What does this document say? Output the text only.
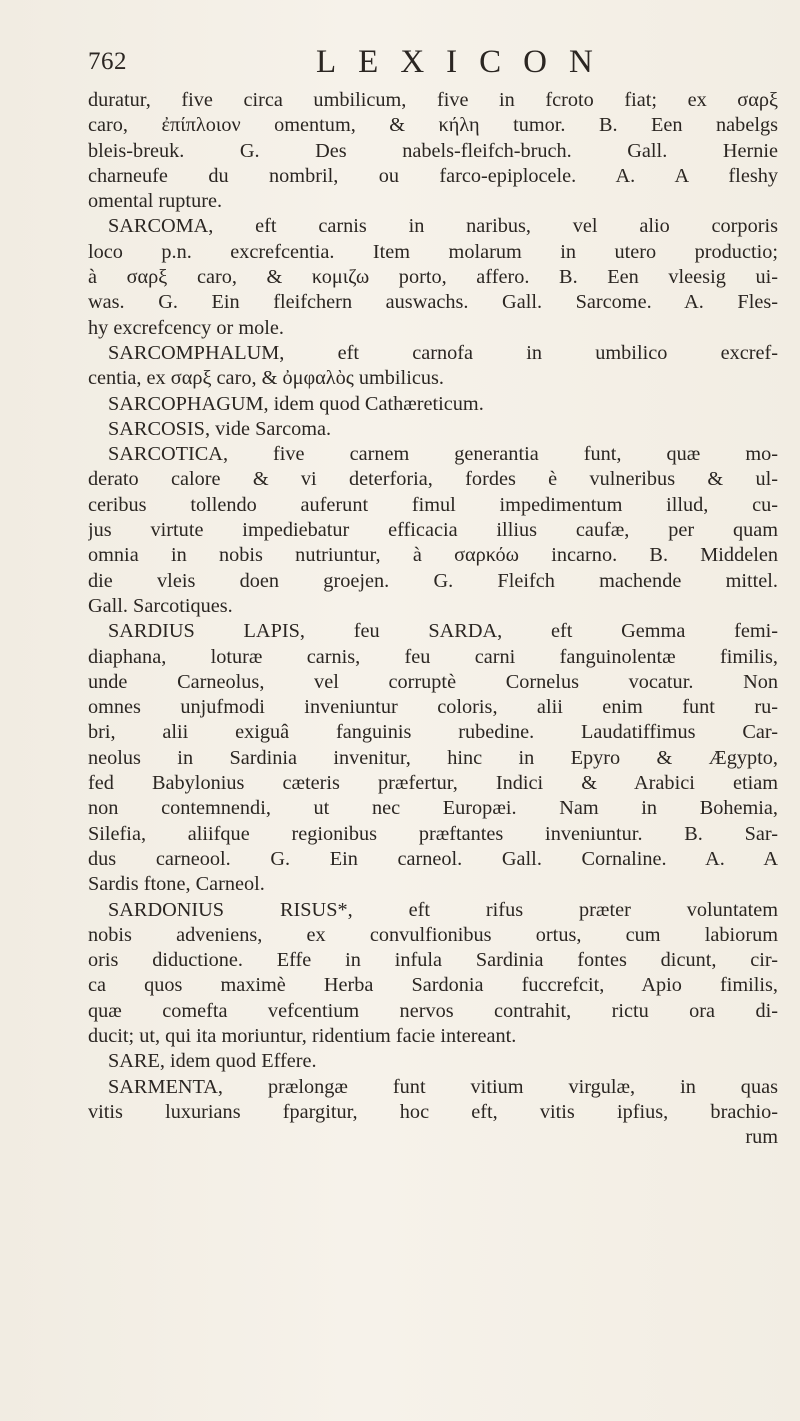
762	LEXICON
duratur, five circa umbilicum, five in fcroto fiat; ex σαρξ
caro, ἐπίπλοιον omentum, & κήλη tumor. B. Een nabelgs
bleis-breuk. G. Des nabels-fleifch-bruch. Gall. Hernie
charneufe du nombril, ou farco-epiplocele. A. A fleshy
omental rupture.
SARCOMA, eft carnis in naribus, vel alio corporis
loco p.n. excrefcentia. Item molarum in utero productio;
à σαρξ caro, & κομιζω porto, affero. B. Een vleesig ui-
was. G. Ein fleifchern auswachs. Gall. Sarcome. A. Fles-
hy excrefcency or mole.
SARCOMPHALUM, eft carnofa in umbilico excref-
centia, ex σαρξ caro, & ὀμφαλὸς umbilicus.
SARCOPHAGUM, idem quod Cathæreticum.
SARCOSIS, vide Sarcoma.
SARCOTICA, five carnem generantia funt, quæ mo-
derato calore & vi deterforia, fordes è vulneribus & ul-
ceribus tollendo auferunt fimul impedimentum illud, cu-
jus virtute impediebatur efficacia illius caufæ, per quam
omnia in nobis nutriuntur, à σαρκόω incarno. B. Middelen
die vleis doen groejen. G. Fleifch machende mittel.
Gall. Sarcotiques.
SARDIUS LAPIS, feu SARDA, eft Gemma femi-
diaphana, loturæ carnis, feu carni fanguinolentæ fimilis,
unde Carneolus, vel corruptè Cornelus vocatur. Non
omnes unjufmodi inveniuntur coloris, alii enim funt ru-
bri, alii exiguâ fanguinis rubedine. Laudatiffimus Car-
neolus in Sardinia invenitur, hinc in Epyro & Ægypto,
fed Babylonius cæteris præfertur, Indici & Arabici etiam
non contemnendi, ut nec Europæi. Nam in Bohemia,
Silefia, aliifque regionibus præftantes inveniuntur. B. Sar-
dus carneool. G. Ein carneol. Gall. Cornaline. A. A
Sardis ftone, Carneol.
SARDONIUS RISUS*, eft rifus præter voluntatem
nobis adveniens, ex convulfionibus ortus, cum labiorum
oris diductione. Effe in infula Sardinia fontes dicunt, cir-
ca quos maximè Herba Sardonia fuccrefcit, Apio fimilis,
quæ comefta vefcentium nervos contrahit, rictu ora di-
ducit; ut, qui ita moriuntur, ridentium facie intereant.
SARE, idem quod Effere.
SARMENTA, prælongæ funt vitium virgulæ, in quas
vitis luxurians fpargitur, hoc eft, vitis ipfius, brachio-
rum
